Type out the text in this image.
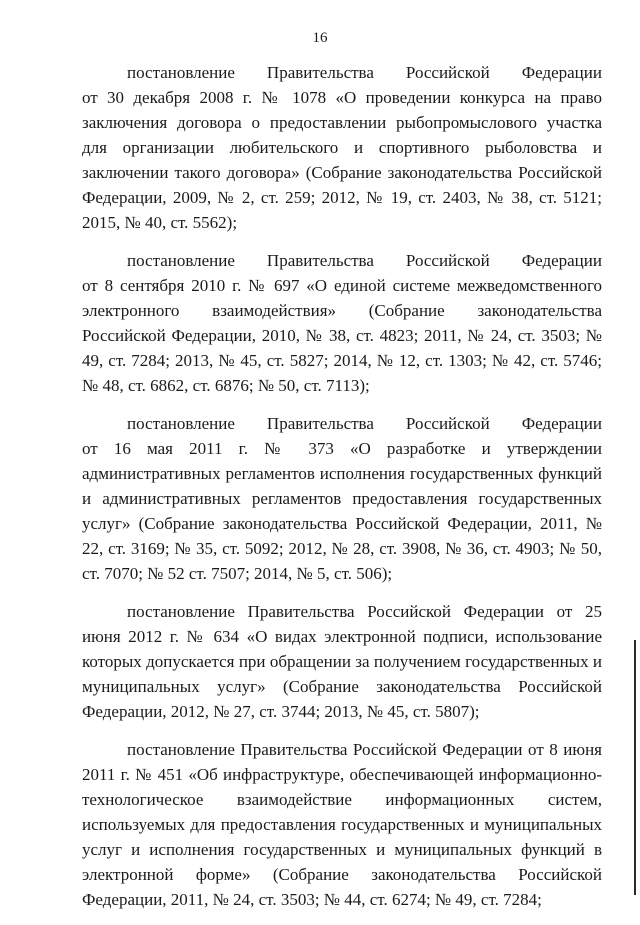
16
постановление Правительства Российской Федерации
от 30 декабря 2008 г. № 1078 «О проведении конкурса на право заключения договора о предоставлении рыбопромыслового участка для организации любительского и спортивного рыболовства и заключении такого договора» (Собрание законодательства Российской Федерации, 2009, № 2, ст. 259; 2012, № 19, ст. 2403, № 38, ст. 5121; 2015, № 40, ст. 5562);
постановление Правительства Российской Федерации
от 8 сентября 2010 г. № 697 «О единой системе межведомственного электронного взаимодействия» (Собрание законодательства Российской Федерации, 2010, № 38, ст. 4823; 2011, № 24, ст. 3503; № 49, ст. 7284; 2013, № 45, ст. 5827; 2014, № 12, ст. 1303; № 42, ст. 5746; № 48, ст. 6862, ст. 6876; № 50, ст. 7113);
постановление Правительства Российской Федерации
от 16 мая 2011 г. № 373 «О разработке и утверждении административных регламентов исполнения государственных функций и административных регламентов предоставления государственных услуг» (Собрание законодательства Российской Федерации, 2011, № 22, ст. 3169; № 35, ст. 5092; 2012, № 28, ст. 3908, № 36, ст. 4903; № 50, ст. 7070; № 52 ст. 7507; 2014, № 5, ст. 506);

постановление Правительства Российской Федерации от 25 июня 2012 г. № 634 «О видах электронной подписи, использование которых допускается при обращении за получением государственных и муниципальных услуг» (Собрание законодательства Российской Федерации, 2012, № 27, ст. 3744; 2013, № 45, ст. 5807);

постановление Правительства Российской Федерации от 8 июня 2011 г. № 451 «Об инфраструктуре, обеспечивающей информационно-технологическое взаимодействие информационных систем, используемых для предоставления государственных и муниципальных услуг и исполнения государственных и муниципальных функций в электронной форме» (Собрание законодательства Российской Федерации, 2011, № 24, ст. 3503; № 44, ст. 6274; № 49, ст. 7284;
